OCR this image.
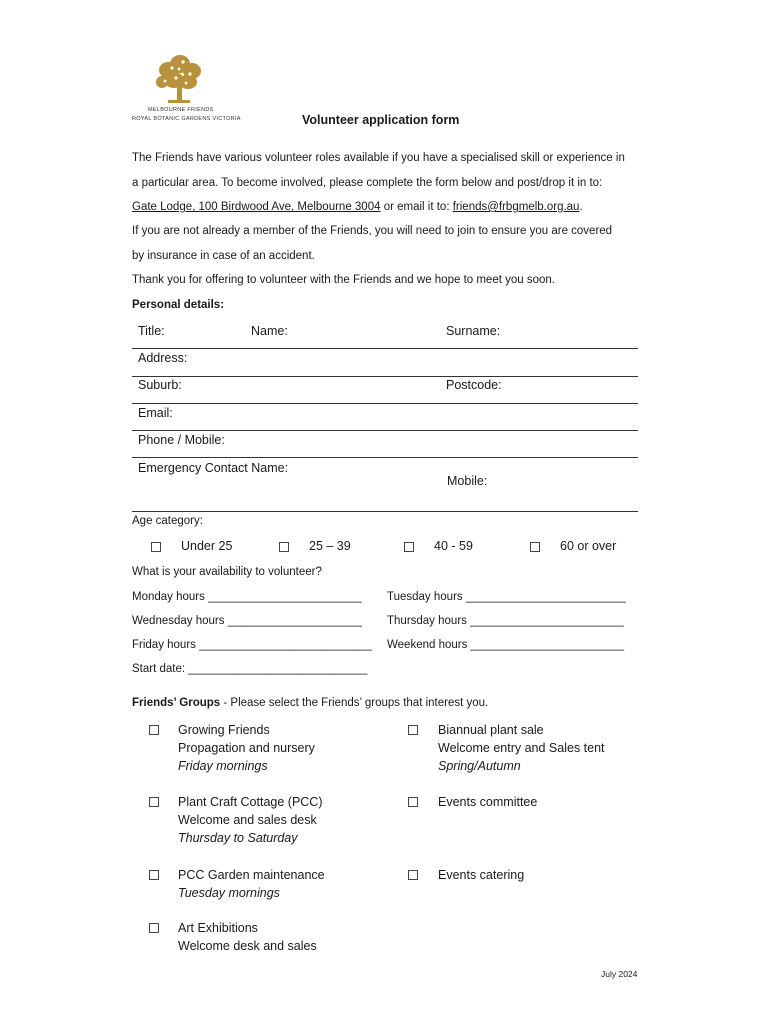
MELBOURNE FRIENDS
ROYAL BOTANIC GARDENS VICTORIA	Volunteer application form
The Friends have various volunteer roles available if you have a specialised skill or experience in
a particular area. To become involved, please complete the form below and post/drop it in to:
Gate Lodge, 100 Birdwood Ave, Melbourne 3004 or email it to: friends@frbgmelb.org.au.
If you are not already a member of the Friends, you will need to join to ensure you are covered
by insurance in case of an accident.
Thank you for offering to volunteer with the Friends and we hope to meet you soon.
Personal details:
Title:	Name:	Surname:
Address:
Suburb:	Postcode:
Email:
Phone / Mobile:
Emergency Contact Name:
Mobile:
Age category:
Under 25	25 – 39	40 - 59	60 or over
What is your availability to volunteer?
Monday hours ________________________ Tuesday hours _________________________
Wednesday hours _____________________ Thursday hours ________________________
Friday hours ___________________________ Weekend hours ________________________
Start date: ____________________________
Friends’ Groups - Please select the Friends’ groups that interest you.
Growing Friends
Propagation and nursery
Friday mornings
Biannual plant sale
Welcome entry and Sales tent
Spring/Autumn
Plant Craft Cottage (PCC)
Welcome and sales desk
Thursday to Saturday
Events committee
PCC Garden maintenance
Tuesday mornings
Events catering
Art Exhibitions
Welcome desk and sales
July 2024
